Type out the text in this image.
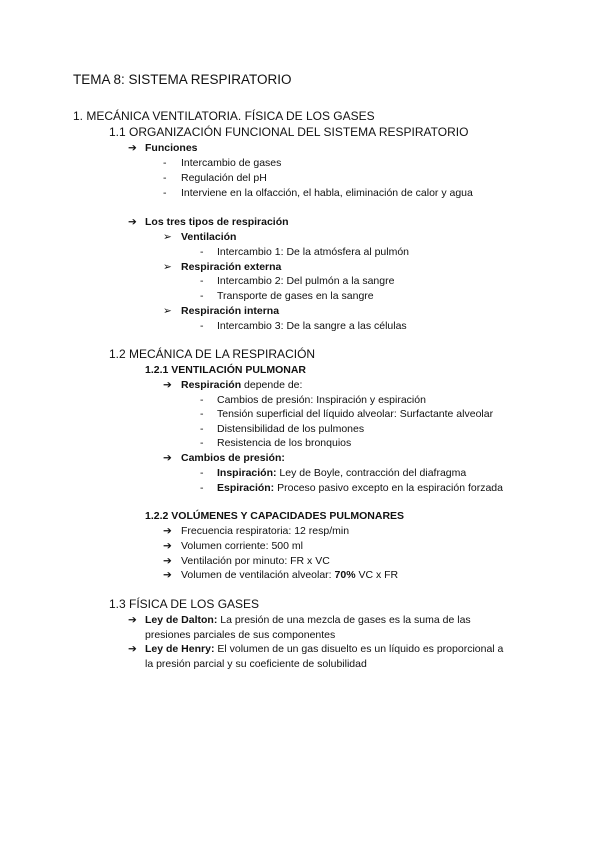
TEMA 8: SISTEMA RESPIRATORIO
1. MECÁNICA VENTILATORIA. FÍSICA DE LOS GASES
1.1 ORGANIZACIÓN FUNCIONAL DEL SISTEMA RESPIRATORIO
➔ Funciones
- Intercambio de gases
- Regulación del pH
- Interviene en la olfacción, el habla, eliminación de calor y agua
➔ Los tres tipos de respiración
➢ Ventilación
- Intercambio 1: De la atmósfera al pulmón
➢ Respiración externa
- Intercambio 2: Del pulmón a la sangre
- Transporte de gases en la sangre
➢ Respiración interna
- Intercambio 3: De la sangre a las células
1.2 MECÁNICA DE LA RESPIRACIÓN
1.2.1 VENTILACIÓN PULMONAR
➔ Respiración depende de:
- Cambios de presión: Inspiración y espiración
- Tensión superficial del líquido alveolar: Surfactante alveolar
- Distensibilidad de los pulmones
- Resistencia de los bronquios
➔ Cambios de presión:
- Inspiración: Ley de Boyle, contracción del diafragma
- Espiración: Proceso pasivo excepto en la espiración forzada
1.2.2 VOLÚMENES Y CAPACIDADES PULMONARES
➔ Frecuencia respiratoria: 12 resp/min
➔ Volumen corriente: 500 ml
➔ Ventilación por minuto: FR x VC
➔ Volumen de ventilación alveolar: 70% VC x FR
1.3 FÍSICA DE LOS GASES
➔ Ley de Dalton: La presión de una mezcla de gases es la suma de las
presiones parciales de sus componentes
➔ Ley de Henry: El volumen de un gas disuelto es un líquido es proporcional a
la presión parcial y su coeficiente de solubilidad
